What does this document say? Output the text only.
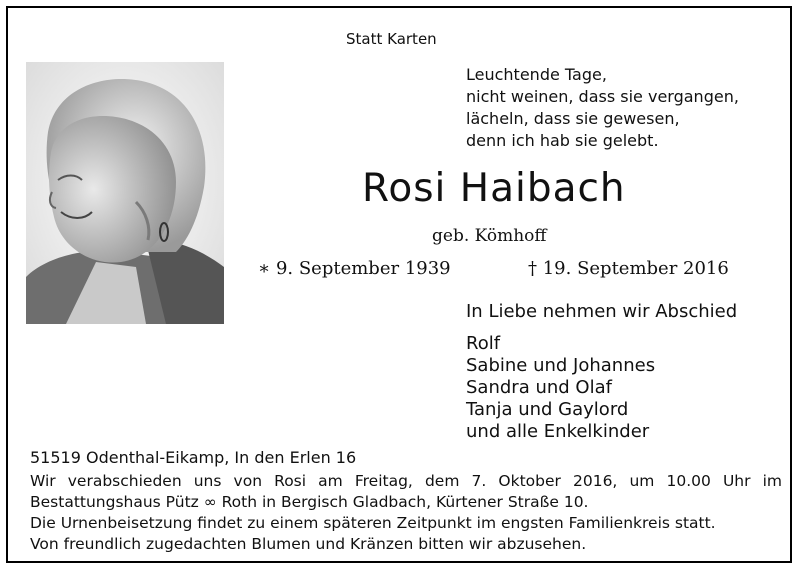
Statt Karten
Leuchtende Tage,
nicht weinen, dass sie vergangen,
lächeln, dass sie gewesen,
denn ich hab sie gelebt.
Rosi Haibach
geb. Kömhoff
∗ 9. September 1939	† 19. September 2016
In Liebe nehmen wir Abschied
Rolf
Sabine und Johannes
Sandra und Olaf
Tanja und Gaylord
und alle Enkelkinder
51519 Odenthal-Eikamp, In den Erlen 16
Wir verabschieden uns von Rosi am Freitag, dem 7. Oktober 2016, um 10.00 Uhr im
Bestattungshaus Pütz ∞ Roth in Bergisch Gladbach, Kürtener Straße 10.
Die Urnenbeisetzung findet zu einem späteren Zeitpunkt im engsten Familienkreis statt.
Von freundlich zugedachten Blumen und Kränzen bitten wir abzusehen.
